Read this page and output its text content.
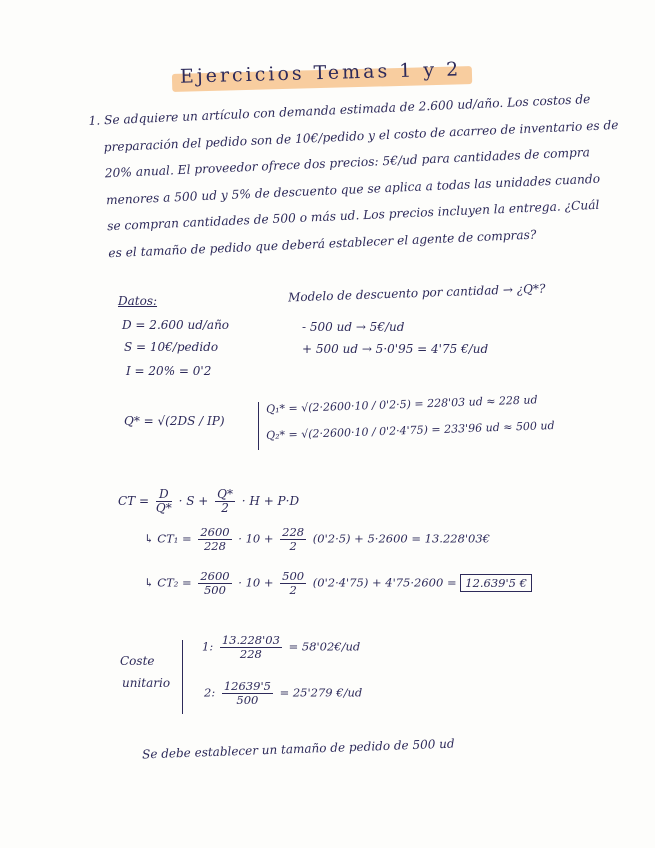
Ejercicios Temas 1 y 2

1. Se adquiere un artículo con demanda estimada de 2.600 ud/año. Los costos de

preparación del pedido son de 10€/pedido y el costo de acarreo de inventario es de

20% anual. El proveedor ofrece dos precios: 5€/ud para cantidades de compra

menores a 500 ud y 5% de descuento que se aplica a todas las unidades cuando

se compran cantidades de 500 o más ud. Los precios incluyen la entrega. ¿Cuál

es el tamaño de pedido que deberá establecer el agente de compras?

Datos:
D = 2.600 ud/año
S = 10€/pedido
I = 20% = 0'2
Modelo de descuento por cantidad → ¿Q*?
- 500 ud → 5€/ud
+ 500 ud → 5·0'95 = 4'75 €/ud
Q* = √(2DS / IP)
Q₁* = √(2·2600·10 / 0'2·5) = 228'03 ud ≈ 228 ud
Q₂* = √(2·2600·10 / 0'2·4'75) = 233'96 ud ≈ 500 ud
CT = $\frac{D}{Q*} \cdot S + \frac{Q*}{2} \cdot H + P\cdot D$
↳ $CT_1 = \frac{2600}{228} \cdot 10 + \frac{228}{2} (0'2\cdot 5) + 5\cdot 2600$ = 13.228'03€
↳ $CT_2 = \frac{2600}{500} \cdot 10 + \frac{500}{2} (0'2\cdot 4'75) + 4'75\cdot 2600 = 12.639'5$ €
Coste
unitario
1: $\frac{13.228'03}{228}$ = 58'02€/ud
2: $\frac{12639'5}{500} = 25'279$ €/ud
Se debe establecer un tamaño de pedido de 500 ud
